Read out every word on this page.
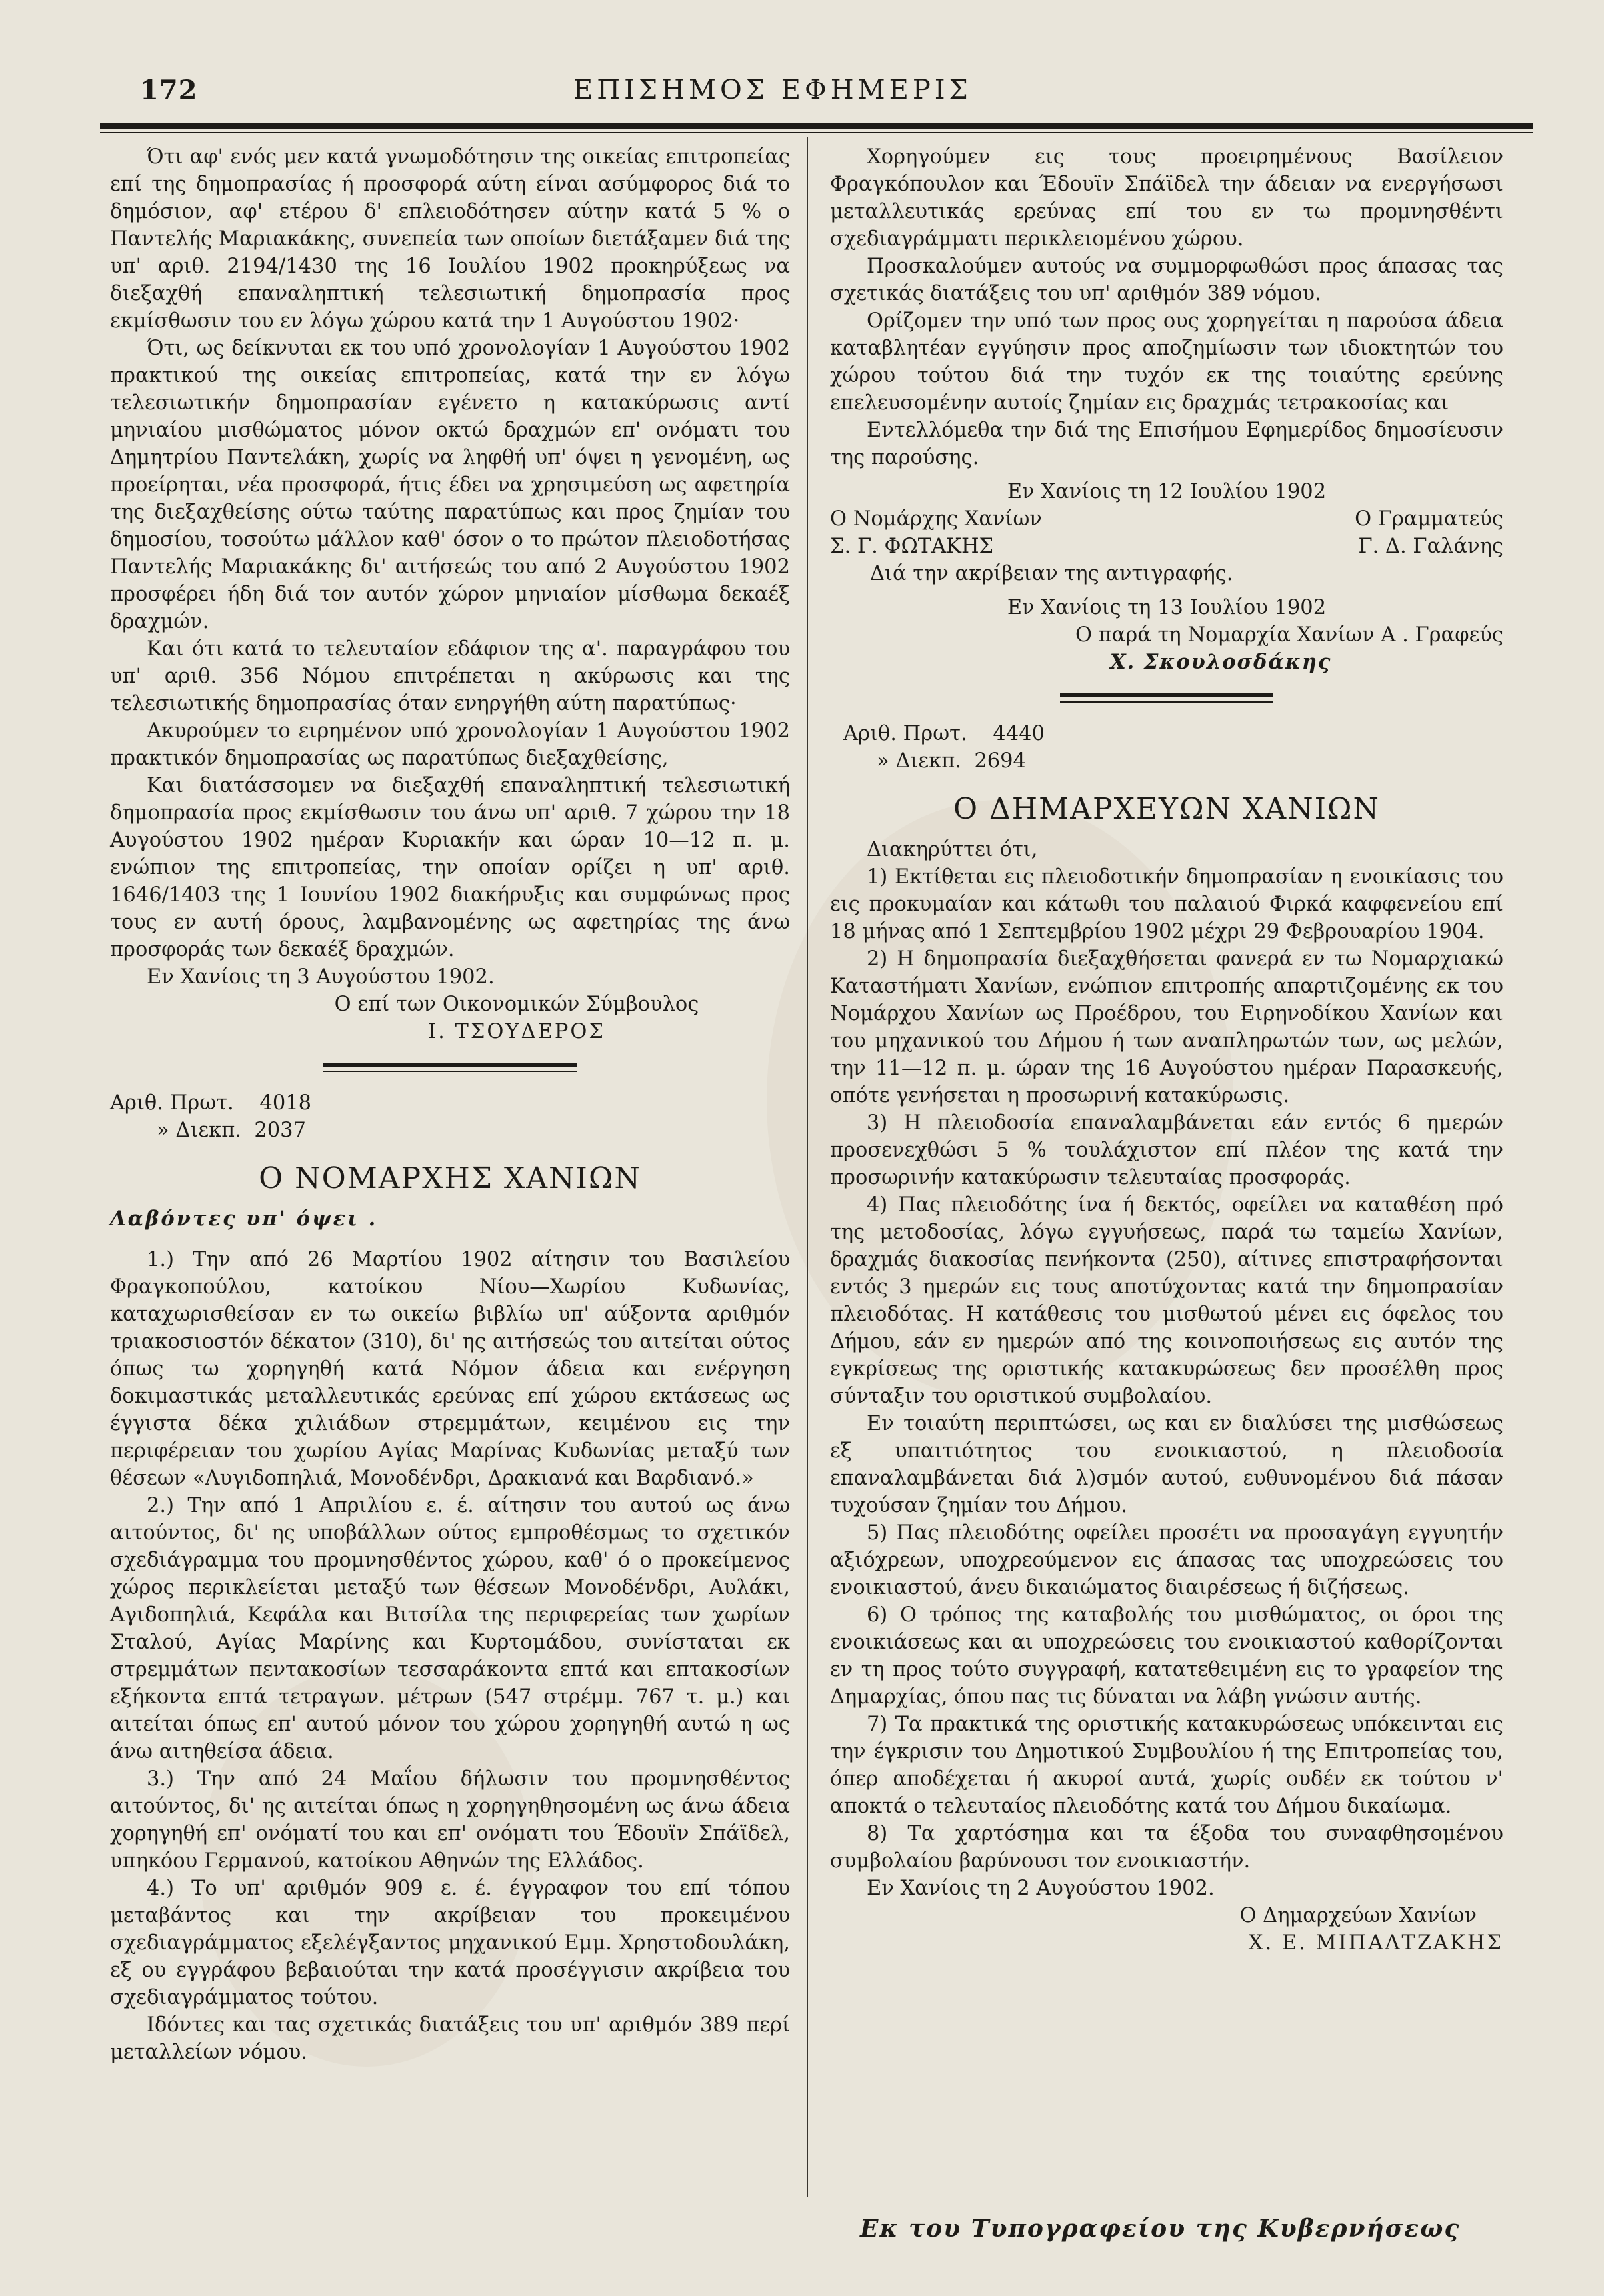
172	ΕΠΙΣΗΜΟΣ ΕΦΗΜΕΡΙΣ

Ότι αφ' ενός μεν κατά γνωμοδότησιν της οικείας επιτροπείας επί της δημοπρασίας ή προσφορά αύτη είναι ασύμφορος διά το δημόσιον, αφ' ετέρου δ' επλειοδότησεν αύτην κατά 5 % ο Παντελής Μαριακάκης, συνεπεία των οποίων διετάξαμεν διά της υπ' αριθ. 2194/1430 της 16 Ιουλίου 1902 προκηρύξεως να διεξαχθή επαναληπτική τελεσιωτική δημοπρασία προς εκμίσθωσιν του εν λόγω χώρου κατά την 1 Αυγούστου 1902·

Ότι, ως δείκνυται εκ του υπό χρονολογίαν 1 Αυγούστου 1902 πρακτικού της οικείας επιτροπείας, κατά την εν λόγω τελεσιωτικήν δημοπρασίαν εγένετο η κατακύρωσις αντί μηνιαίου μισθώματος μόνον οκτώ δραχμών επ' ονόματι του Δημητρίου Παντελάκη, χωρίς να ληφθή υπ' όψει η γενομένη, ως προείρηται, νέα προσφορά, ήτις έδει να χρησιμεύση ως αφετηρία της διεξαχθείσης ούτω ταύτης παρατύπως και προς ζημίαν του δημοσίου, τοσούτω μάλλον καθ' όσον ο το πρώτον πλειοδοτήσας Παντελής Μαριακάκης δι' αιτήσεώς του από 2 Αυγούστου 1902 προσφέρει ήδη διά τον αυτόν χώρον μηνιαίον μίσθωμα δεκαέξ δραχμών.

Και ότι κατά το τελευταίον εδάφιον της α'. παραγράφου του υπ' αριθ. 356 Νόμου επιτρέπεται η ακύρωσις και της τελεσιωτικής δημοπρασίας όταν ενηργήθη αύτη παρατύπως·

Ακυρούμεν το ειρημένον υπό χρονολογίαν 1 Αυγούστου 1902 πρακτικόν δημοπρασίας ως παρατύπως διεξαχθείσης,

Και διατάσσομεν να διεξαχθή επαναληπτική τελεσιωτική δημοπρασία προς εκμίσθωσιν του άνω υπ' αριθ. 7 χώρου την 18 Αυγούστου 1902 ημέραν Κυριακήν και ώραν 10—12 π. μ. ενώπιον της επιτροπείας, την οποίαν ορίζει η υπ' αριθ. 1646/1403 της 1 Ιουνίου 1902 διακήρυξις και συμφώνως προς τους εν αυτή όρους, λαμβανομένης ως αφετηρίας της άνω προσφοράς των δεκαέξ δραχμών.

Εν Χανίοις τη 3 Αυγούστου 1902.

Ο επί των Οικονομικών Σύμβουλος

Ι. ΤΣΟΥΔΕΡΟΣ

Αριθ. Πρωτ. 4018

» Διεκπ. 2037

Ο ΝΟΜΑΡΧΗΣ ΧΑΝΙΩΝ

Λαβόντες υπ' όψει .

1.) Την από 26 Μαρτίου 1902 αίτησιν του Βασιλείου Φραγκοπούλου, κατοίκου Νίου—Χωρίου Κυδωνίας, καταχωρισθείσαν εν τω οικείω βιβλίω υπ' αύξοντα αριθμόν τριακοσιοστόν δέκατον (310), δι' ης αιτήσεώς του αιτείται ούτος όπως τω χορηγηθή κατά Νόμον άδεια και ενέργηση δοκιμαστικάς μεταλλευτικάς ερεύνας επί χώρου εκτάσεως ως έγγιστα δέκα χιλιάδων στρεμμάτων, κειμένου εις την περιφέρειαν του χωρίου Αγίας Μαρίνας Κυδωνίας μεταξύ των θέσεων «Λυγιδοπηλιά, Μονοδένδρι, Δρακιανά και Βαρδιανό.»

2.) Την από 1 Απριλίου ε. έ. αίτησιν του αυτού ως άνω αιτούντος, δι' ης υποβάλλων ούτος εμπροθέσμως το σχετικόν σχεδιάγραμμα του προμνησθέντος χώρου, καθ' ό ο προκείμενος χώρος περικλείεται μεταξύ των θέσεων Μονοδένδρι, Αυλάκι, Αγιδοπηλιά, Κεφάλα και Βιτσίλα της περιφερείας των χωρίων Σταλού, Αγίας Μαρίνης και Κυρτομάδου, συνίσταται εκ στρεμμάτων πεντακοσίων τεσσαράκοντα επτά και επτακοσίων εξήκοντα επτά τετραγων. μέτρων (547 στρέμμ. 767 τ. μ.) και αιτείται όπως επ' αυτού μόνον του χώρου χορηγηθή αυτώ η ως άνω αιτηθείσα άδεια.

3.) Την από 24 Μαΐου δήλωσιν του προμνησθέντος αιτούντος, δι' ης αιτείται όπως η χορηγηθησομένη ως άνω άδεια χορηγηθή επ' ονόματί του και επ' ονόματι του Έδουϊν Σπάϊδελ, υπηκόου Γερμανού, κατοίκου Αθηνών της Ελλάδος.

4.) Το υπ' αριθμόν 909 ε. έ. έγγραφον του επί τόπου μεταβάντος και την ακρίβειαν του προκειμένου σχεδιαγράμματος εξελέγξαντος μηχανικού Εμμ. Χρηστοδουλάκη, εξ ου εγγράφου βεβαιούται την κατά προσέγγισιν ακρίβεια του σχεδιαγράμματος τούτου.

Ιδόντες και τας σχετικάς διατάξεις του υπ' αριθμόν 389 περί μεταλλείων νόμου.

Χορηγούμεν εις τους προειρημένους Βασίλειον Φραγκόπουλον και Έδουϊν Σπάϊδελ την άδειαν να ενεργήσωσι μεταλλευτικάς ερεύνας επί του εν τω προμνησθέντι σχεδιαγράμματι περικλειομένου χώρου.

Προσκαλούμεν αυτούς να συμμορφωθώσι προς άπασας τας σχετικάς διατάξεις του υπ' αριθμόν 389 νόμου.

Ορίζομεν την υπό των προς ους χορηγείται η παρούσα άδεια καταβλητέαν εγγύησιν προς αποζημίωσιν των ιδιοκτητών του χώρου τούτου διά την τυχόν εκ της τοιαύτης ερεύνης επελευσομένην αυτοίς ζημίαν εις δραχμάς τετρακοσίας και

Εντελλόμεθα την διά της Επισήμου Εφημερίδος δημοσίευσιν της παρούσης.

Εν Χανίοις τη 12 Ιουλίου 1902

Ο Νομάρχης Χανίων	Ο Γραμματεύς
Σ. Γ. ΦΩΤΑΚΗΣ	Γ. Δ. Γαλάνης

Διά την ακρίβειαν της αντιγραφής.

Εν Χανίοις τη 13 Ιουλίου 1902

Ο παρά τη Νομαρχία Χανίων Α . Γραφεύς

Χ. Σκουλοσδάκης

Αριθ. Πρωτ. 4440

» Διεκπ. 2694

Ο ΔΗΜΑΡΧΕΥΩΝ ΧΑΝΙΩΝ

Διακηρύττει ότι,

1) Εκτίθεται εις πλειοδοτικήν δημοπρασίαν η ενοικίασις του εις προκυμαίαν και κάτωθι του παλαιού Φιρκά καφφενείου επί 18 μήνας από 1 Σεπτεμβρίου 1902 μέχρι 29 Φεβρουαρίου 1904.

2) Η δημοπρασία διεξαχθήσεται φανερά εν τω Νομαρχιακώ Καταστήματι Χανίων, ενώπιον επιτροπής απαρτιζομένης εκ του Νομάρχου Χανίων ως Προέδρου, του Ειρηνοδίκου Χανίων και του μηχανικού του Δήμου ή των αναπληρωτών των, ως μελών, την 11—12 π. μ. ώραν της 16 Αυγούστου ημέραν Παρασκευής, οπότε γενήσεται η προσωρινή κατακύρωσις.

3) Η πλειοδοσία επαναλαμβάνεται εάν εντός 6 ημερών προσενεχθώσι 5 % τουλάχιστον επί πλέον της κατά την προσωρινήν κατακύρωσιν τελευταίας προσφοράς.

4) Πας πλειοδότης ίνα ή δεκτός, οφείλει να καταθέση πρό της μετοδοσίας, λόγω εγγυήσεως, παρά τω ταμείω Χανίων, δραχμάς διακοσίας πενήκοντα (250), αίτινες επιστραφήσονται εντός 3 ημερών εις τους αποτύχοντας κατά την δημοπρασίαν πλειοδότας. Η κατάθεσις του μισθωτού μένει εις όφελος του Δήμου, εάν εν ημερών από της κοινοποιήσεως εις αυτόν της εγκρίσεως της οριστικής κατακυρώσεως δεν προσέλθη προς σύνταξιν του οριστικού συμβολαίου.

Εν τοιαύτη περιπτώσει, ως και εν διαλύσει της μισθώσεως εξ υπαιτιότητος του ενοικιαστού, η πλειοδοσία επαναλαμβάνεται διά λ)σμόν αυτού, ευθυνομένου διά πάσαν τυχούσαν ζημίαν του Δήμου.

5) Πας πλειοδότης οφείλει προσέτι να προσαγάγη εγγυητήν αξιόχρεων, υποχρεούμενον εις άπασας τας υποχρεώσεις του ενοικιαστού, άνευ δικαιώματος διαιρέσεως ή διζήσεως.

6) Ο τρόπος της καταβολής του μισθώματος, οι όροι της ενοικιάσεως και αι υποχρεώσεις του ενοικιαστού καθορίζονται εν τη προς τούτο συγγραφή, κατατεθειμένη εις το γραφείον της Δημαρχίας, όπου πας τις δύναται να λάβη γνώσιν αυτής.

7) Τα πρακτικά της οριστικής κατακυρώσεως υπόκεινται εις την έγκρισιν του Δημοτικού Συμβουλίου ή της Επιτροπείας του, όπερ αποδέχεται ή ακυροί αυτά, χωρίς ουδέν εκ τούτου ν' αποκτά ο τελευταίος πλειοδότης κατά του Δήμου δικαίωμα.

8) Τα χαρτόσημα και τα έξοδα του συναφθησομένου συμβολαίου βαρύνουσι τον ενοικιαστήν.

Εν Χανίοις τη 2 Αυγούστου 1902.

Ο Δημαρχεύων Χανίων

Χ. Ε. ΜΙΠΑΛΤΖΑΚΗΣ

Εκ του Τυπογραφείου της Κυβερνήσεως
